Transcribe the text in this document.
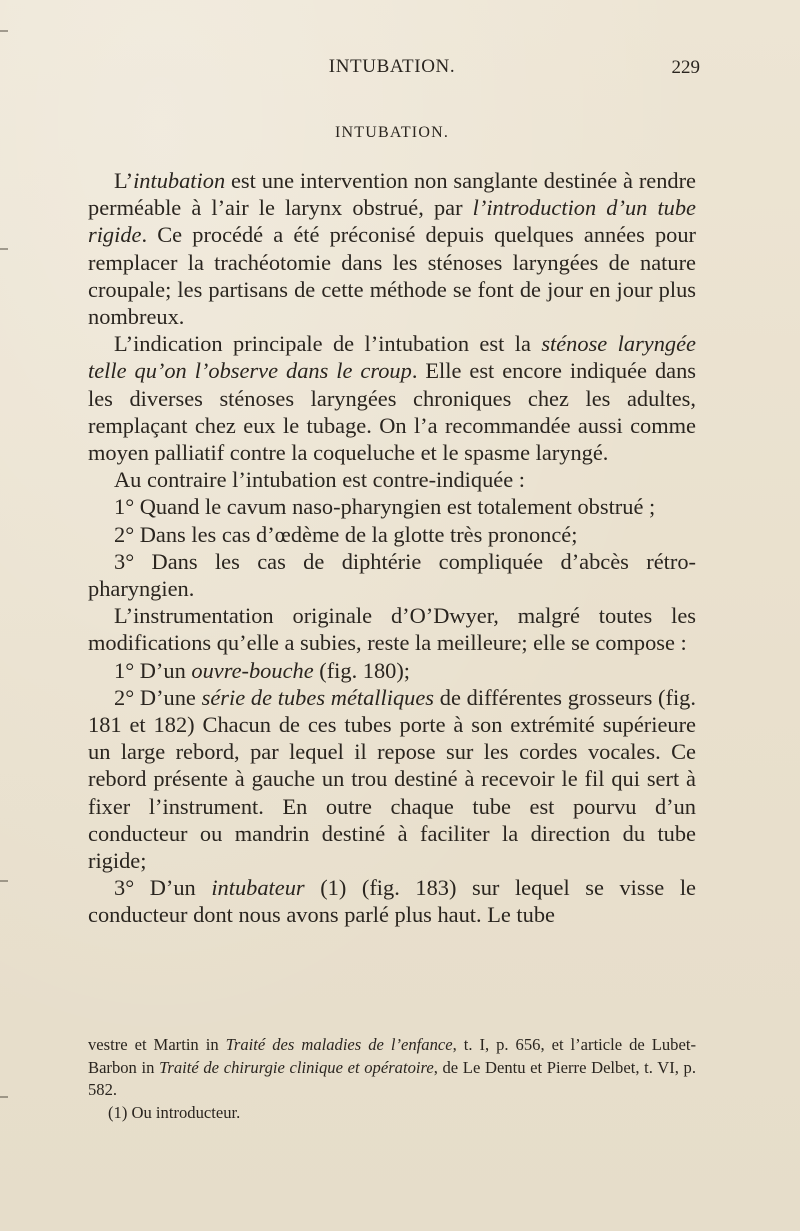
INTUBATION.	229
INTUBATION.

L’intubation est une intervention non sanglante destinée à rendre perméable à l’air le larynx obstrué, par l’introduction d’un tube rigide. Ce procédé a été préconisé depuis quelques années pour remplacer la trachéotomie dans les sténoses laryngées de nature croupale; les partisans de cette méthode se font de jour en jour plus nombreux.

L’indication principale de l’intubation est la sténose laryngée telle qu’on l’observe dans le croup. Elle est encore indiquée dans les diverses sténoses laryngées chroniques chez les adultes, remplaçant chez eux le tubage. On l’a recommandée aussi comme moyen palliatif contre la coqueluche et le spasme laryngé.

Au contraire l’intubation est contre-indiquée :

1° Quand le cavum naso-pharyngien est totalement obstrué ;

2° Dans les cas d’œdème de la glotte très prononcé;

3° Dans les cas de diphtérie compliquée d’abcès rétro-pharyngien.

L’instrumentation originale d’O’Dwyer, malgré toutes les modifications qu’elle a subies, reste la meilleure; elle se compose :

1° D’un ouvre-bouche (fig. 180);

2° D’une série de tubes métalliques de différentes grosseurs (fig. 181 et 182) Chacun de ces tubes porte à son extrémité supérieure un large rebord, par lequel il repose sur les cordes vocales. Ce rebord présente à gauche un trou destiné à recevoir le fil qui sert à fixer l’instrument. En outre chaque tube est pourvu d’un conducteur ou mandrin destiné à faciliter la direction du tube rigide;

3° D’un intubateur (1) (fig. 183) sur lequel se visse le conducteur dont nous avons parlé plus haut. Le tube

vestre et Martin in Traité des maladies de l’enfance, t. I, p. 656, et l’article de Lubet-Barbon in Traité de chirurgie clinique et opératoire, de Le Dentu et Pierre Delbet, t. VI, p. 582.

(1) Ou introducteur.
